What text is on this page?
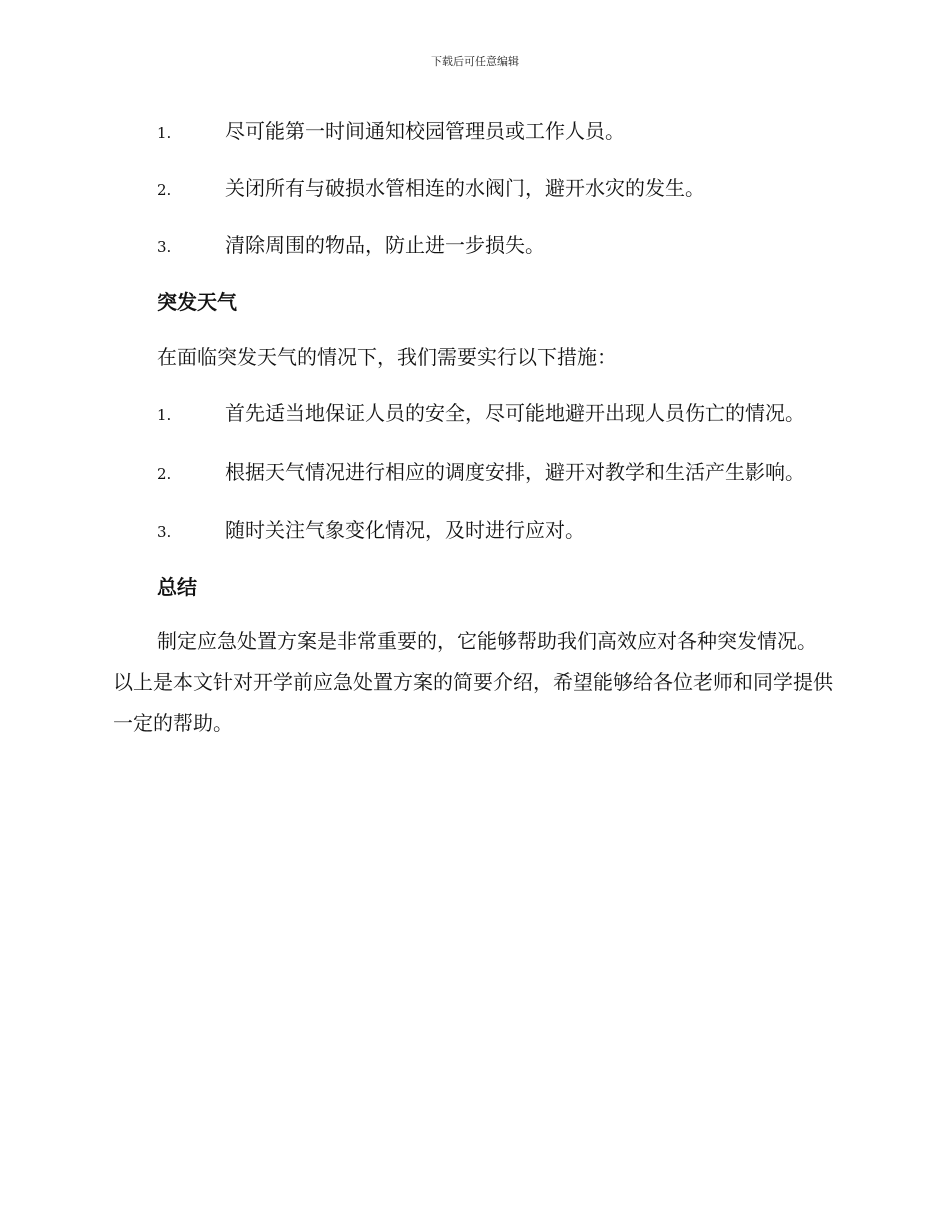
下载后可任意编辑
1.	尽可能第一时间通知校园管理员或工作人员。
2.	关闭所有与破损水管相连的水阀门，避开水灾的发生。
3.	清除周围的物品，防止进一步损失。
突发天气
在面临突发天气的情况下，我们需要实行以下措施：
1.	首先适当地保证人员的安全，尽可能地避开出现人员伤亡的情况。
2.	根据天气情况进行相应的调度安排，避开对教学和生活产生影响。
3.	随时关注气象变化情况，及时进行应对。
总结
制定应急处置方案是非常重要的，它能够帮助我们高效应对各种突发情况。以上是本文针对开学前应急处置方案的简要介绍，希望能够给各位老师和同学提供一定的帮助。
